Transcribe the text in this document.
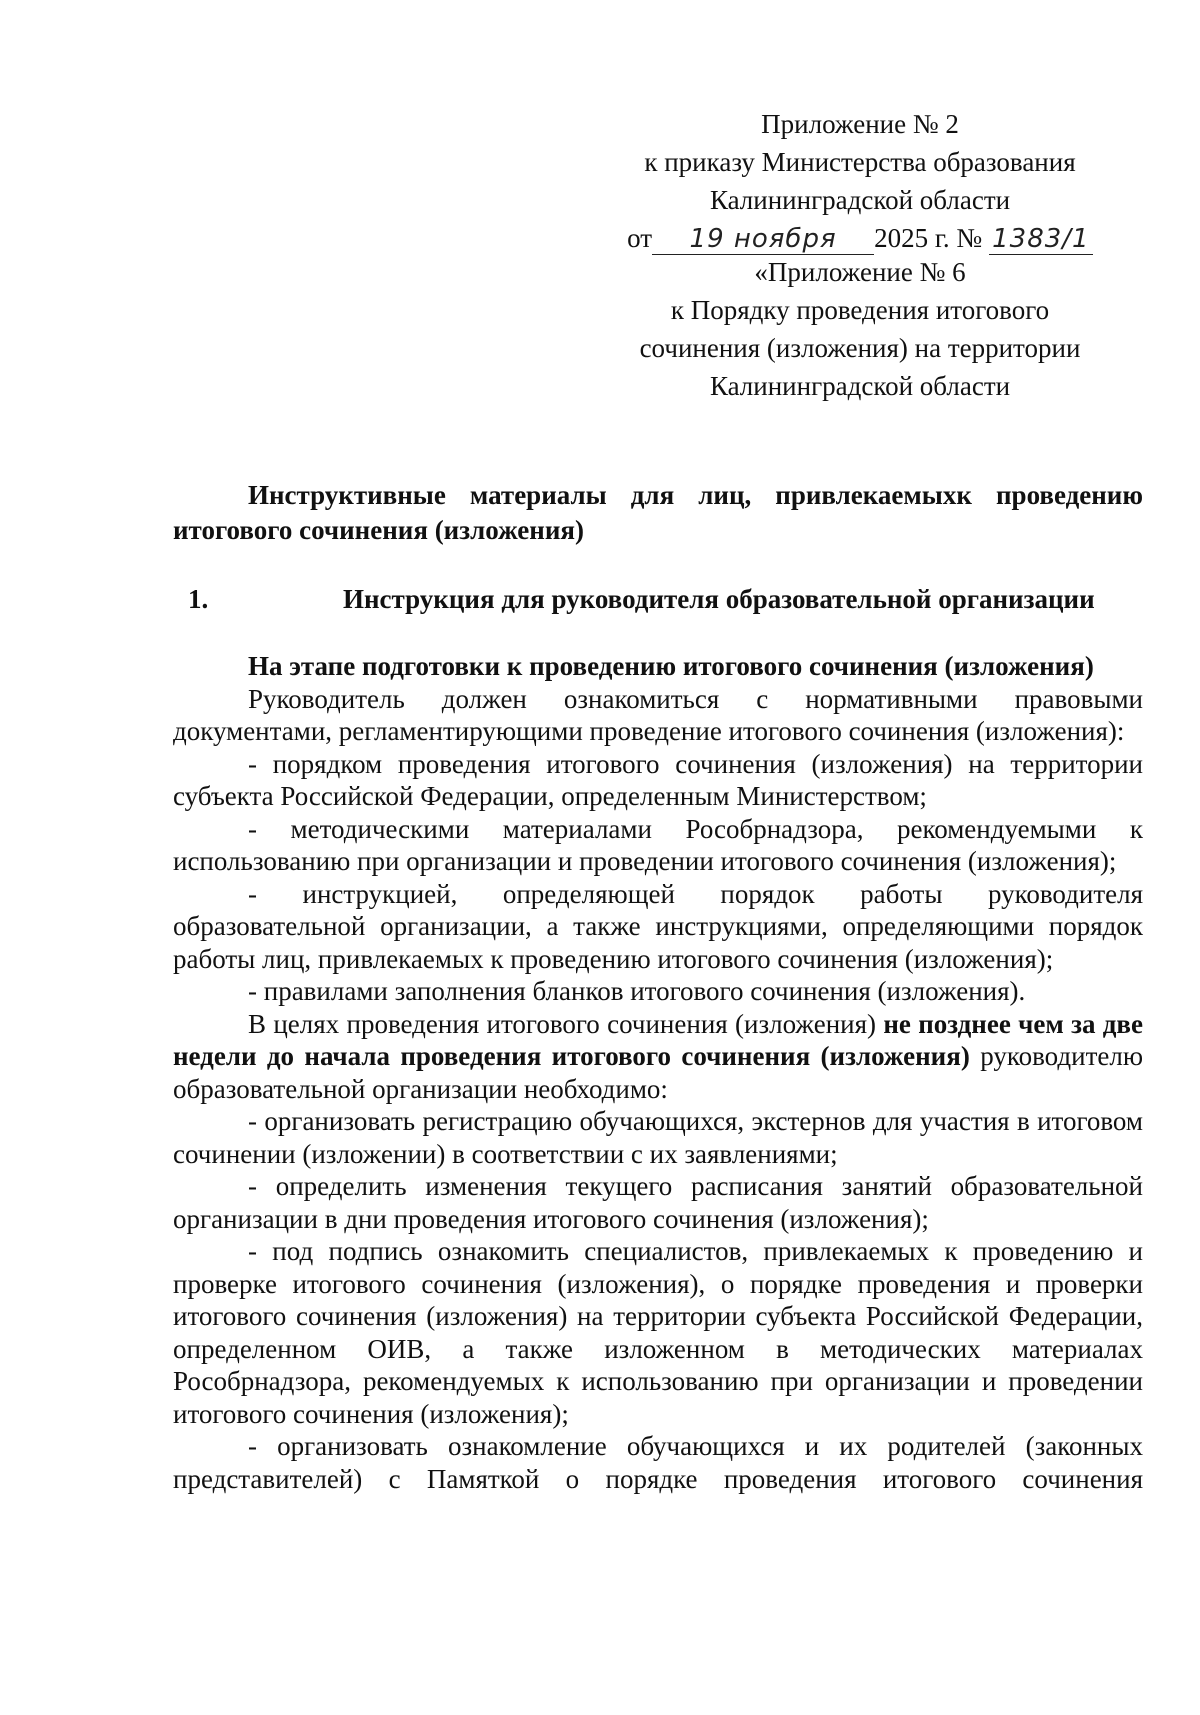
Приложение № 2
к приказу Министерства образования
Калининградской области
от 19 ноября 2025 г. № 1383/1
«Приложение № 6
к Порядку проведения итогового
сочинения (изложения) на территории
Калининградской области
Инструктивные материалы для лиц, привлекаемыхк проведению
итогового сочинения (изложения)
1.	Инструкция для руководителя образовательной организации

На этапе подготовки к проведению итогового сочинения (изложения)

Руководитель должен ознакомиться с нормативными правовыми документами, регламентирующими проведение итогового сочинения (изложения):

- порядком проведения итогового сочинения (изложения) на территории субъекта Российской Федерации, определенным Министерством;

- методическими материалами Рособрнадзора, рекомендуемыми к использованию при организации и проведении итогового сочинения (изложения);

- инструкцией, определяющей порядок работы руководителя образовательной организации, а также инструкциями, определяющими порядок работы лиц, привлекаемых к проведению итогового сочинения (изложения);

- правилами заполнения бланков итогового сочинения (изложения).

В целях проведения итогового сочинения (изложения) не позднее чем за две недели до начала проведения итогового сочинения (изложения) руководителю образовательной организации необходимо:

- организовать регистрацию обучающихся, экстернов для участия в итоговом сочинении (изложении) в соответствии с их заявлениями;

- определить изменения текущего расписания занятий образовательной организации в дни проведения итогового сочинения (изложения);

- под подпись ознакомить специалистов, привлекаемых к проведению и проверке итогового сочинения (изложения), о порядке проведения и проверки итогового сочинения (изложения) на территории субъекта Российской Федерации, определенном ОИВ, а также изложенном в методических материалах Рособрнадзора, рекомендуемых к использованию при организации и проведении итогового сочинения (изложения);

- организовать ознакомление обучающихся и их родителей (законных представителей) с Памяткой о порядке проведения итогового сочинения
